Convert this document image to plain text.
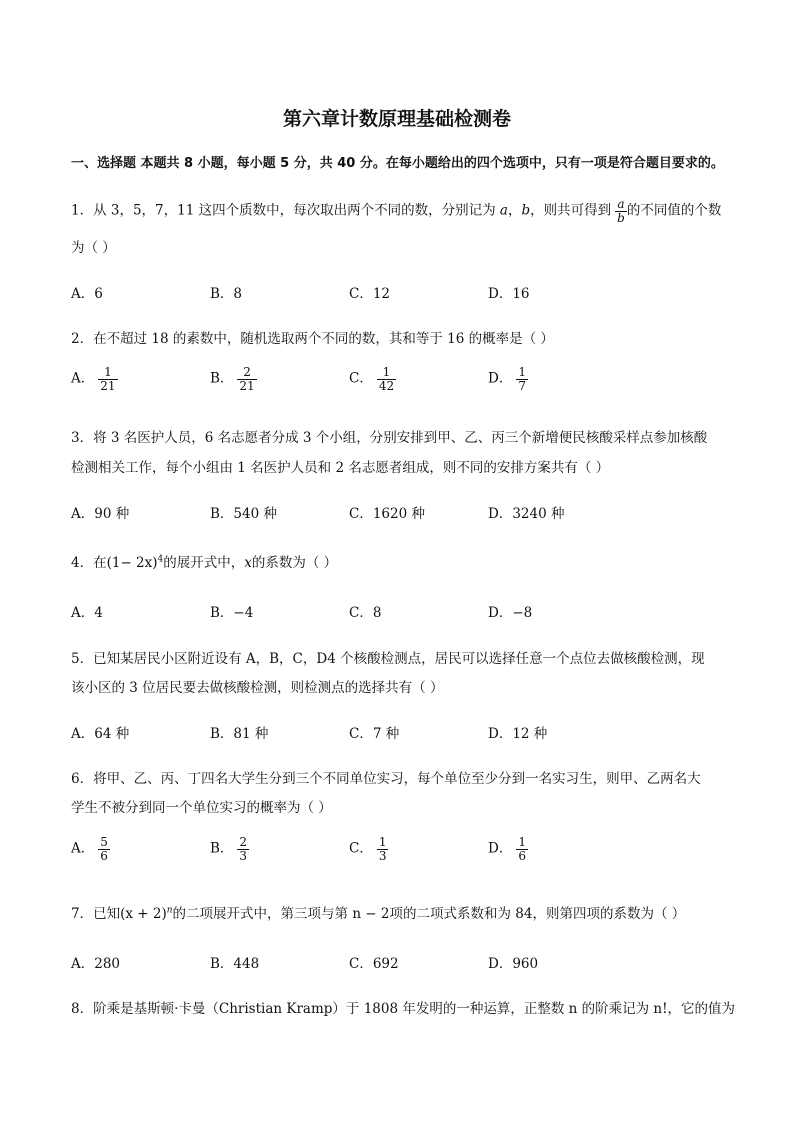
第六章计数原理基础检测卷
一、选择题 本题共 8 小题，每小题 5 分，共 40 分。在每小题给出的四个选项中，只有一项是符合题目要求的。
1．从 3，5，7，11 这四个质数中，每次取出两个不同的数，分别记为 a，b，则共可得到 $\frac{a}{b}$ 的不同值的个数
为（ ）
A．6	B．8	C．12	D．16
2．在不超过 18 的素数中，随机选取两个不同的数，其和等于 16 的概率是（ ）
A． $\frac{1}{21}$	B． $\frac{2}{21}$	C． $\frac{1}{42}$	D． $\frac{1}{7}$
3．将 3 名医护人员，6 名志愿者分成 3 个小组，分别安排到甲、乙、丙三个新增便民核酸采样点参加核酸
检测相关工作，每个小组由 1 名医护人员和 2 名志愿者组成，则不同的安排方案共有（ ）
A．90 种	B．540 种	C．1620 种	D．3240 种
4．在$(1- 2x)^4$的展开式中，x的系数为（ ）
A．4	B．−4	C．8	D．−8
5．已知某居民小区附近设有 A，B，C，D4 个核酸检测点，居民可以选择任意一个点位去做核酸检测，现
该小区的 3 位居民要去做核酸检测，则检测点的选择共有（ ）
A．64 种	B．81 种	C．7 种	D．12 种
6．将甲、乙、丙、丁四名大学生分到三个不同单位实习，每个单位至少分到一名实习生，则甲、乙两名大
学生不被分到同一个单位实习的概率为（ ）
A． $\frac{5}{6}$	B． $\frac{2}{3}$	C． $\frac{1}{3}$	D． $\frac{1}{6}$
7．已知$(x + 2)^n$的二项展开式中，第三项与第 n − 2项的二项式系数和为 84，则第四项的系数为（ ）
A．280	B．448	C．692	D．960
8．阶乘是基斯顿·卡曼（Christian Kramp）于 1808 年发明的一种运算，正整数 n 的阶乘记为 n!，它的值为
